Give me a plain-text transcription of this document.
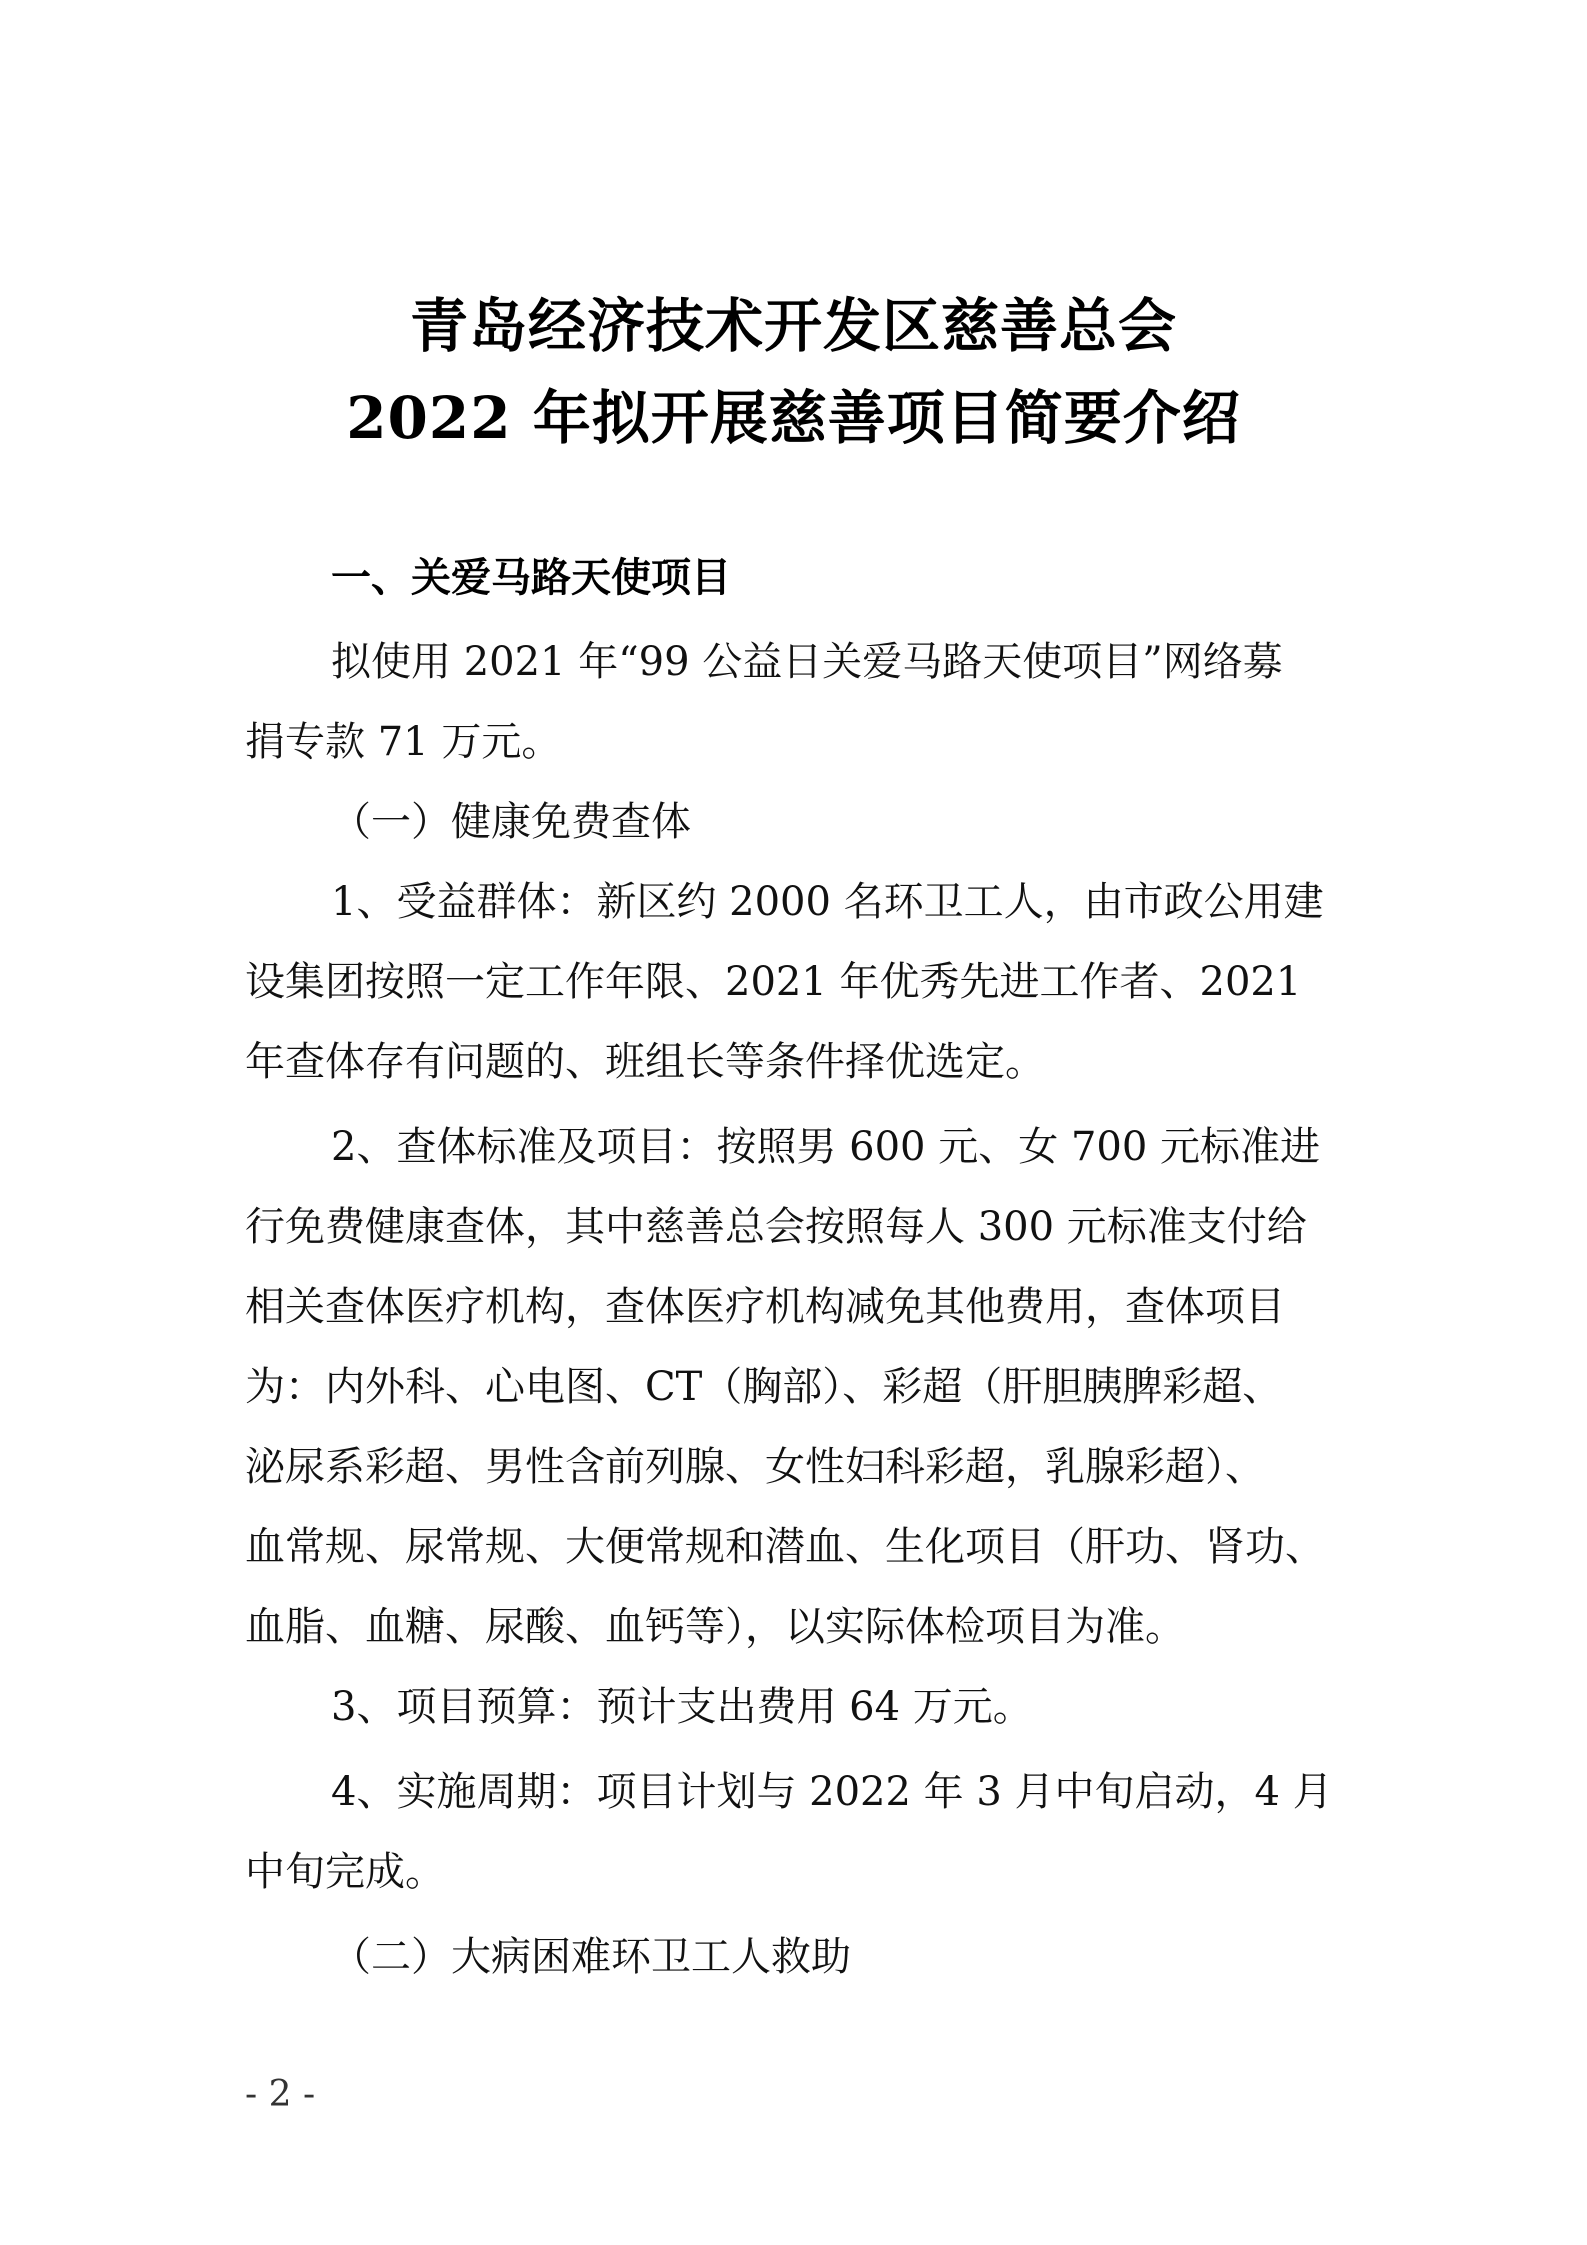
青岛经济技术开发区慈善总会
2022 年拟开展慈善项目简要介绍
一、关爱马路天使项目
拟使用 2021 年“99 公益日关爱马路天使项目”网络募
捐专款 71 万元。
（一）健康免费查体
1、受益群体：新区约 2000 名环卫工人，由市政公用建
设集团按照一定工作年限、2021 年优秀先进工作者、2021
年查体存有问题的、班组长等条件择优选定。
2、查体标准及项目：按照男 600 元、女 700 元标准进
行免费健康查体，其中慈善总会按照每人 300 元标准支付给
相关查体医疗机构，查体医疗机构减免其他费用，查体项目
为：内外科、心电图、CT（胸部）、彩超（肝胆胰脾彩超、
泌尿系彩超、男性含前列腺、女性妇科彩超，乳腺彩超）、
血常规、尿常规、大便常规和潜血、生化项目（肝功、肾功、
血脂、血糖、尿酸、血钙等），以实际体检项目为准。
3、项目预算：预计支出费用 64 万元。
4、实施周期：项目计划与 2022 年 3 月中旬启动，4 月
中旬完成。
（二）大病困难环卫工人救助
- 2 -
